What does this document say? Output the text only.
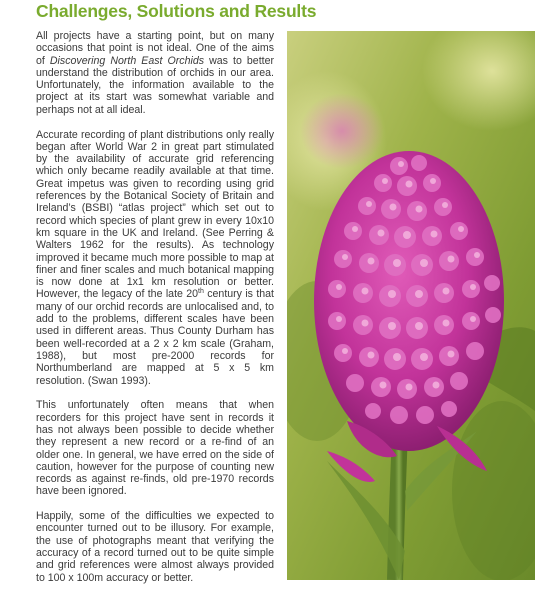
Challenges, Solutions and Results

All projects have a starting point, but on many occasions that point is not ideal. One of the aims of Discovering North East Orchids was to better understand the distribution of orchids in our area. Unfortunately, the information available to the project at its start was somewhat variable and perhaps not at all ideal.

Accurate recording of plant distributions only really began after World War 2 in great part stimulated by the availability of accurate grid referencing which only became readily available at that time. Great impetus was given to recording using grid references by the Botanical Society of Britain and Ireland’s (BSBI) “atlas project” which set out to record which species of plant grew in every 10x10 km square in the UK and Ireland. (See Perring & Walters 1962 for the results). As technology improved it became much more possible to map at finer and finer scales and much botanical mapping is now done at 1x1 km resolution or better. However, the legacy of the late 20th century is that many of our orchid records are unlocalised and, to add to the problems, different scales have been used in different areas. Thus County Durham has been well-recorded at a 2 x 2 km scale (Graham, 1988), but most pre-2000 records for Northumberland are mapped at 5 x 5 km resolution. (Swan 1993).

This unfortunately often means that when recorders for this project have sent in records it has not always been possible to decide whether they represent a new record or a re-find of an older one. In general, we have erred on the side of caution, however for the purpose of counting new records as against re-finds, old pre-1970 records have been ignored.

Happily, some of the difficulties we expected to encounter turned out to be illusory. For example, the use of photographs meant that verifying the accuracy of a record turned out to be quite simple and grid references were almost always provided to 100 x 100m accuracy or better.
